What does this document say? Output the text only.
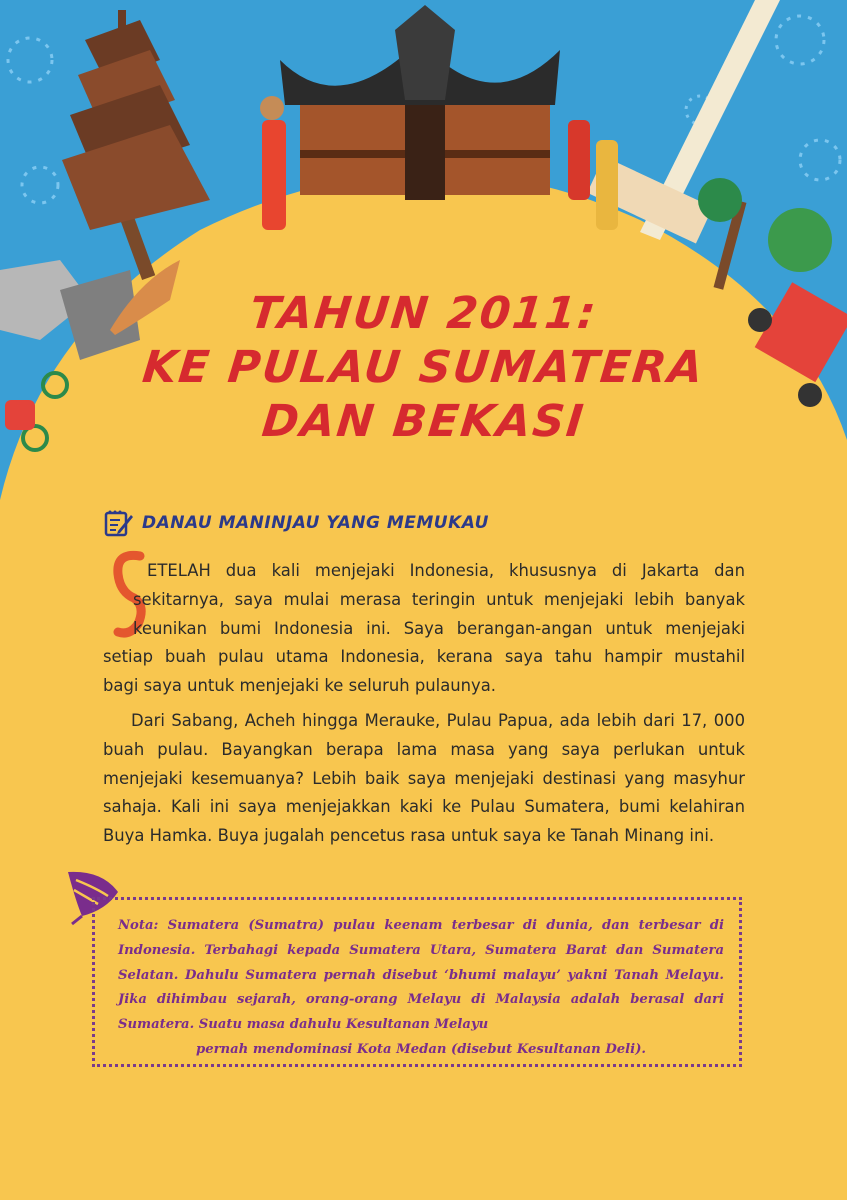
TAHUN 2011:
KE PULAU SUMATERA
DAN BEKASI
DANAU MANINJAU YANG MEMUKAU
S

ETELAH dua kali menjejaki Indonesia, khususnya di Jakarta dan
sekitarnya, saya mulai merasa teringin untuk menjejaki lebih banyak
keunikan bumi Indonesia ini. Saya berangan-angan untuk menjejaki
setiap buah pulau utama Indonesia, kerana saya tahu hampir mustahil
bagi saya untuk menjejaki ke seluruh pulaunya.

Dari Sabang, Acheh hingga Merauke, Pulau Papua, ada lebih dari 17, 000 buah pulau. Bayangkan berapa lama masa yang saya perlukan untuk menjejaki kesemuanya? Lebih baik saya menjejaki destinasi yang masyhur sahaja. Kali ini saya menjejakkan kaki ke Pulau Sumatera, bumi kelahiran Buya Hamka. Buya jugalah pencetus rasa untuk saya ke Tanah Minang ini.

Nota: Sumatera (Sumatra) pulau keenam terbesar di dunia, dan terbesar di Indonesia. Terbahagi kepada Sumatera Utara, Sumatera Barat dan Sumatera Selatan. Dahulu Sumatera pernah disebut ‘bhumi malayu’ yakni Tanah Melayu. Jika dihimbau sejarah, orang-orang Melayu di Malaysia adalah berasal dari Sumatera. Suatu masa dahulu Kesultanan Melayu
pernah mendominasi Kota Medan (disebut Kesultanan Deli).
